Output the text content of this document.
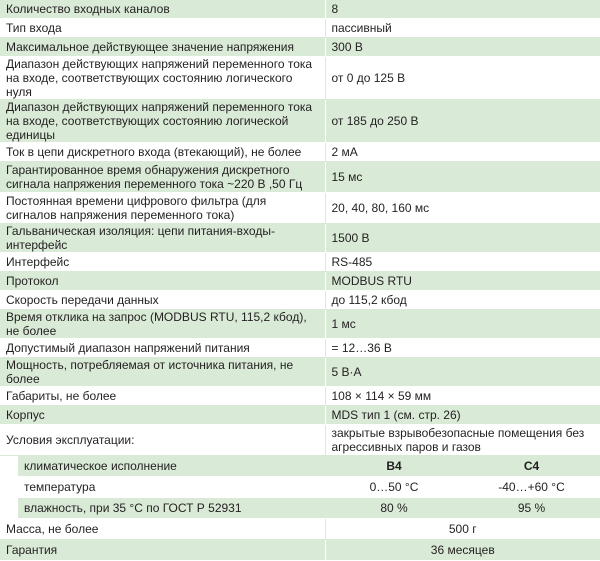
Количество входных каналов		8	
Тип входа		пассивный	
Максимальное действующее значение напряжения		300 В	
Диапазон действующих напряжений переменного тока на входе, соответствующих состоянию логического нуля		от 0 до 125 В	
Диапазон действующих напряжений переменного тока на входе, соответствующих состоянию логической единицы		от 185 до 250 В	
Ток в цепи дискретного входа (втекающий), не более		2 мА	
Гарантированное время обнаружения дискретного сигнала напряжения переменного тока ~220 В ,50 Гц		15 мс	
Постоянная времени цифрового фильтра (для сигналов напряжения переменного тока)		20, 40, 80, 160 мс	
Гальваническая изоляция: цепи питания-входы-интерфейс		1500 В	
Интерфейс		RS-485	
Протокол		MODBUS RTU	
Скорость передачи данных		до 115,2 кбод	
Время отклика на запрос (MODBUS RTU, 115,2 кбод), не более		1 мс	
Допустимый диапазон напряжений питания		= 12…36 В	
Мощность, потребляемая от источника питания, не более		5 В·А	
Габариты, не более		108 × 114 × 59 мм	
Корпус		MDS тип 1 (см. стр. 26)	
Условия эксплуатации:		закрытые взрывобезопасные помещения без агрессивных паров и газов	
	климатическое исполнение	В4	С4
	температура	0…50 °С	-40…+60 °С
	влажность, при 35 °С по ГОСТ Р 52931	80 %	95 %
Масса, не более		500 г	
Гарантия		36 месяцев	
